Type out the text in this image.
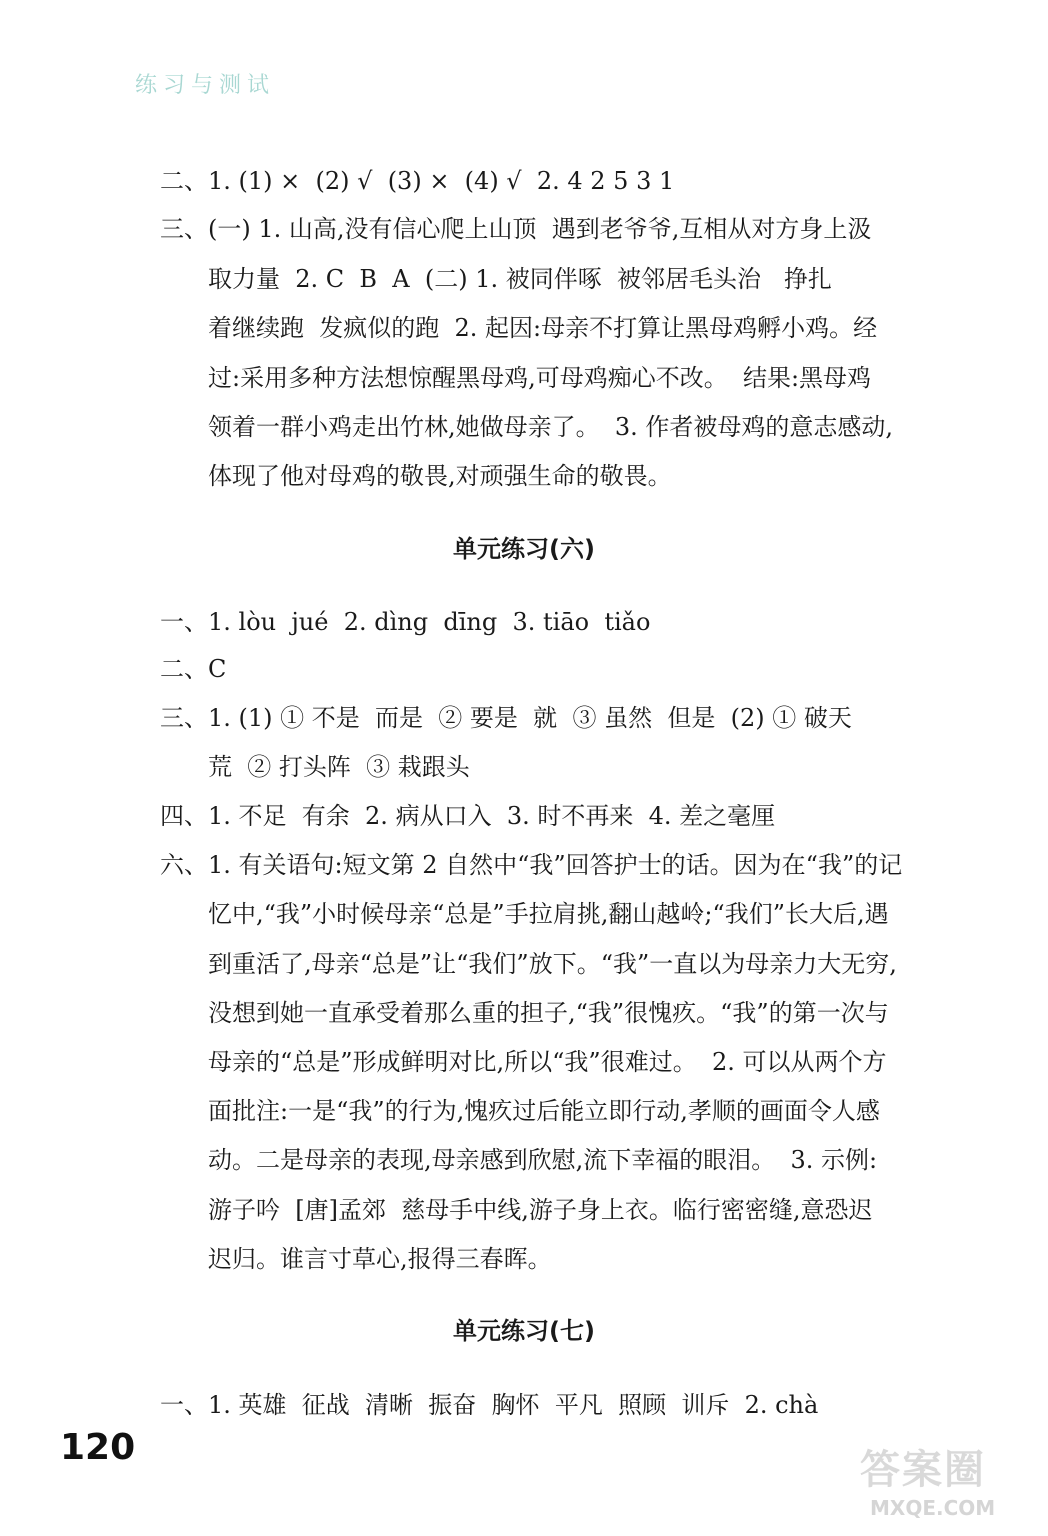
练习与测试
二、1. (1) ×  (2) √  (3) ×  (4) √  2. 4 2 5 3 1
三、(一) 1. 山高,没有信心爬上山顶  遇到老爷爷,互相从对方身上汲
取力量  2. C  B  A  (二) 1. 被同伴啄  被邻居毛头治   挣扎
着继续跑  发疯似的跑  2. 起因:母亲不打算让黑母鸡孵小鸡。经
过:采用多种方法想惊醒黑母鸡,可母鸡痴心不改。  结果:黑母鸡
领着一群小鸡走出竹林,她做母亲了。  3. 作者被母鸡的意志感动,
体现了他对母鸡的敬畏,对顽强生命的敬畏。
单元练习(六)
一、1. lòu  jué  2. dìng  dīng  3. tiāo  tiǎo
二、C
三、1. (1) ① 不是  而是  ② 要是  就  ③ 虽然  但是  (2) ① 破天
荒  ② 打头阵  ③ 栽跟头
四、1. 不足  有余  2. 病从口入  3. 时不再来  4. 差之毫厘
六、1. 有关语句:短文第 2 自然中“我”回答护士的话。因为在“我”的记
忆中,“我”小时候母亲“总是”手拉肩挑,翻山越岭;“我们”长大后,遇
到重活了,母亲“总是”让“我们”放下。“我”一直以为母亲力大无穷,
没想到她一直承受着那么重的担子,“我”很愧疚。“我”的第一次与
母亲的“总是”形成鲜明对比,所以“我”很难过。  2. 可以从两个方
面批注:一是“我”的行为,愧疚过后能立即行动,孝顺的画面令人感
动。二是母亲的表现,母亲感到欣慰,流下幸福的眼泪。  3. 示例:
游子吟  [唐]孟郊  慈母手中线,游子身上衣。临行密密缝,意恐迟
迟归。谁言寸草心,报得三春晖。
单元练习(七)
一、1. 英雄  征战  清晰  振奋  胸怀  平凡  照顾  训斥  2. chà
120	答案圈
MXQE.COM
